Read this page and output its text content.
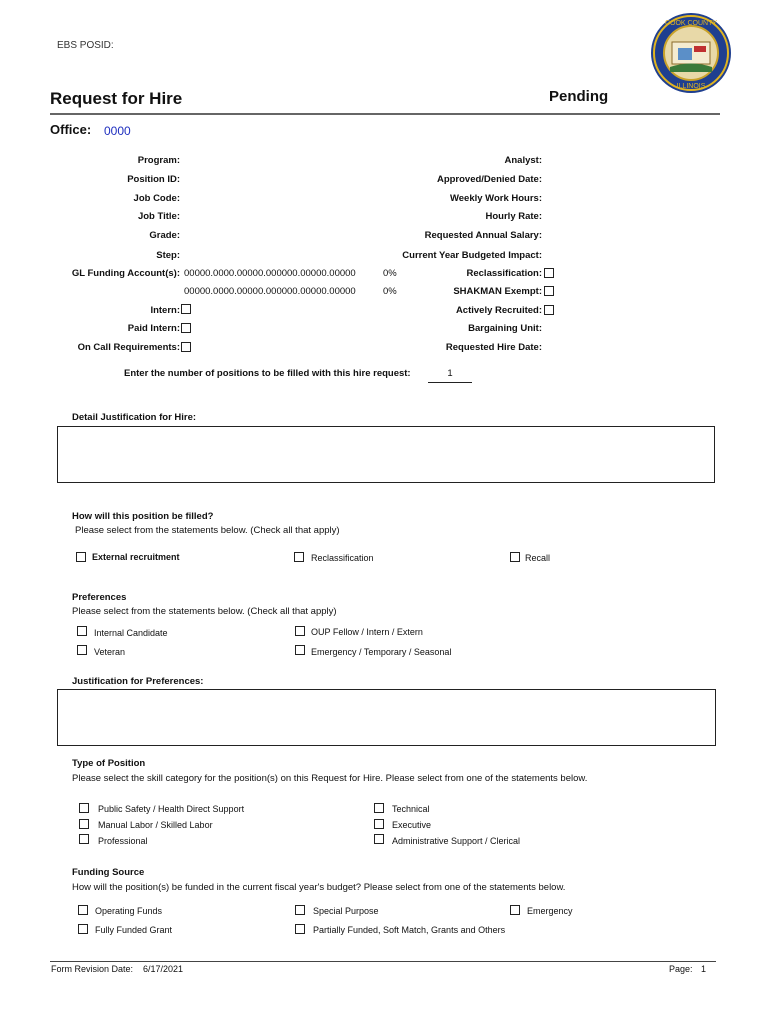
EBS POSID:
COOK COUNTY
ILLINOIS
Request for Hire	Pending
Office: 0000
Program:
Position ID:
Job Code:
Job Title:
Grade:
Step:
GL Funding Account(s): 00000.0000.00000.000000.00000.00000	0%
00000.0000.00000.000000.00000.00000	0%
Intern:
Paid Intern:
On Call Requirements:
Analyst:
Approved/Denied Date:
Weekly Work Hours:
Hourly Rate:
Requested Annual Salary:
Current Year Budgeted Impact:
Reclassification:
SHAKMAN Exempt:
Actively Recruited:
Bargaining Unit:
Requested Hire Date:
Enter the number of positions to be filled with this hire request:	1
Detail Justification for Hire:
How will this position be filled?
Please select from the statements below. (Check all that apply)
External recruitment	Reclassification	Recall
Preferences
Please select from the statements below. (Check all that apply)
Internal Candidate	OUP Fellow / Intern / Extern
Veteran	Emergency / Temporary / Seasonal
Justification for Preferences:
Type of Position
Please select the skill category for the position(s) on this Request for Hire. Please select from one of the statements below.
Public Safety / Health Direct Support	Technical
Manual Labor / Skilled Labor	Executive
Professional	Administrative Support / Clerical
Funding Source
How will the position(s) be funded in the current fiscal year's budget? Please select from one of the statements below.
Operating Funds	Special Purpose	Emergency
Fully Funded Grant	Partially Funded, Soft Match, Grants and Others
Form Revision Date: 6/17/2021	Page: 1
